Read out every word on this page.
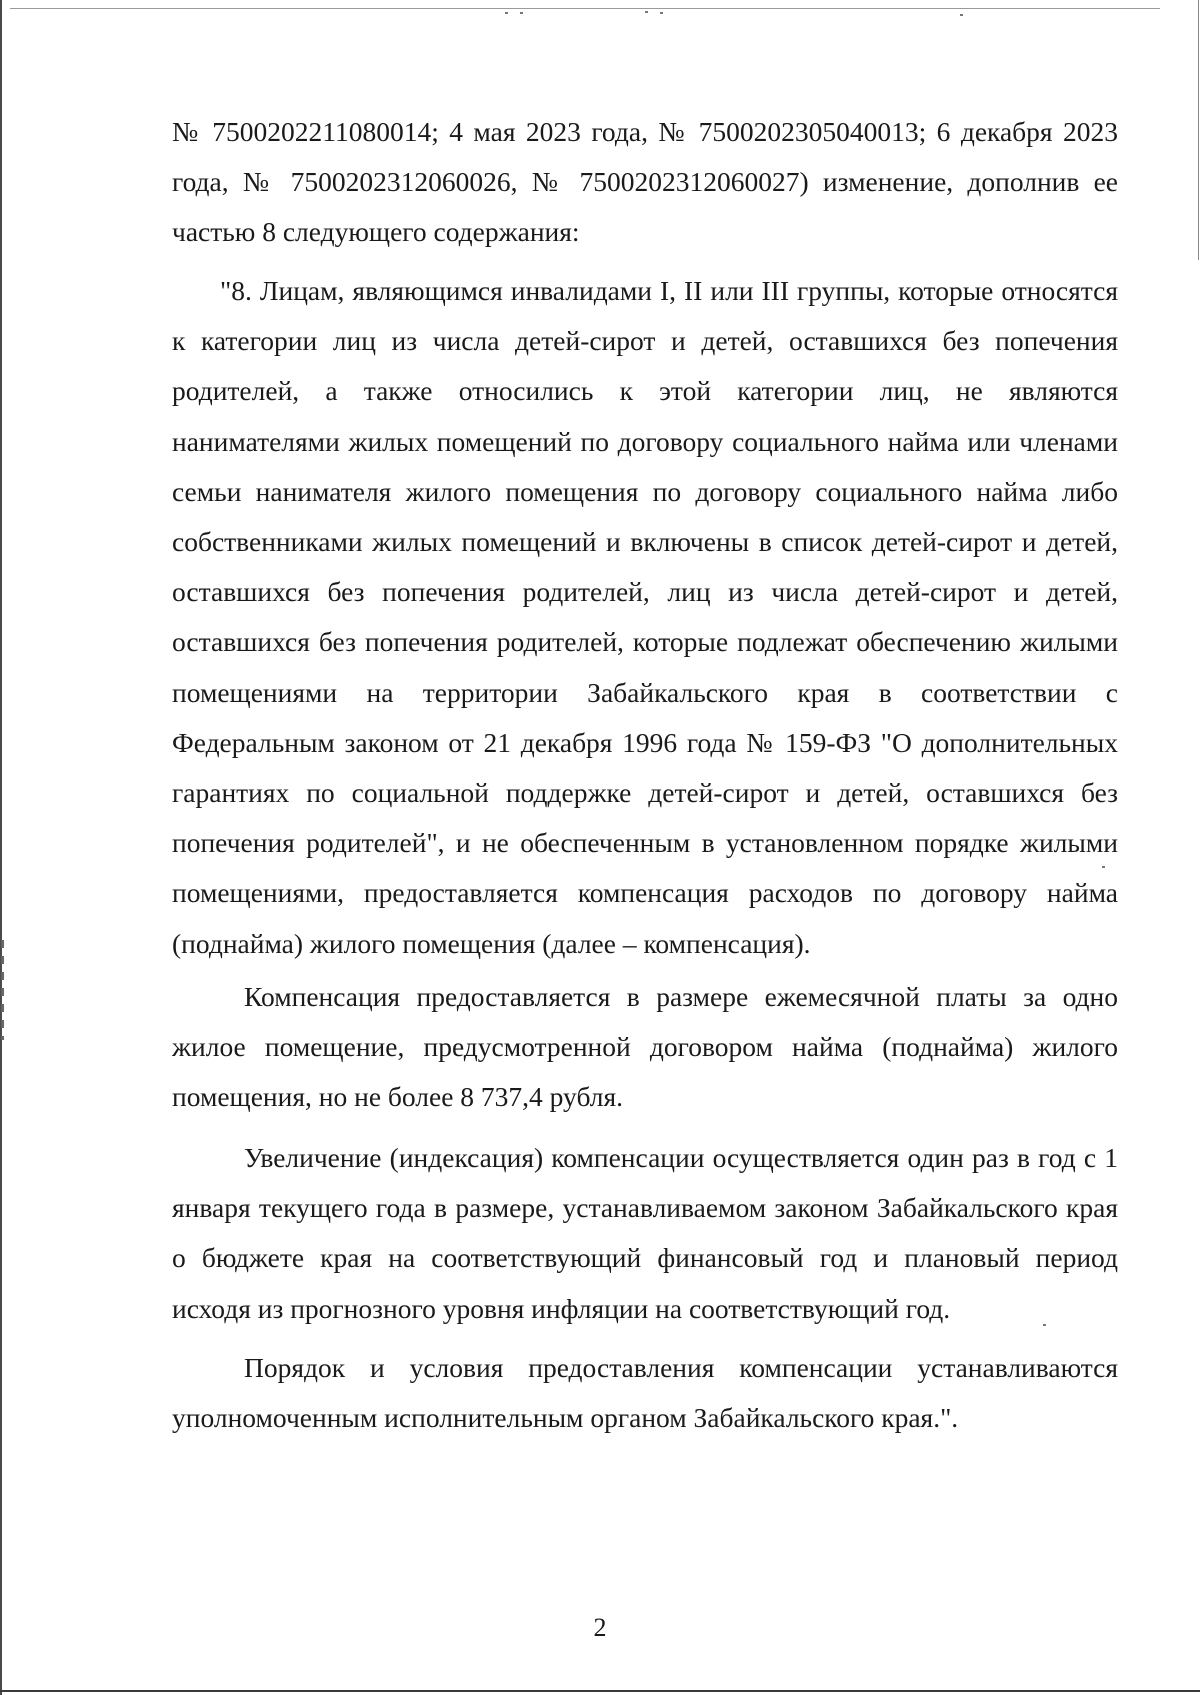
№ 7500202211080014; 4 мая 2023 года, № 7500202305040013; 6 декабря 2023 года, № 7500202312060026, № 7500202312060027) изменение, дополнив ее частью 8 следующего содержания:

"8. Лицам, являющимся инвалидами I, II или III группы, которые относятся к категории лиц из числа детей-сирот и детей, оставшихся без попечения родителей, а также относились к этой категории лиц, не являются нанимателями жилых помещений по договору социального найма или членами семьи нанимателя жилого помещения по договору социального найма либо собственниками жилых помещений и включены в список детей-сирот и детей, оставшихся без попечения родителей, лиц из числа детей-сирот и детей, оставшихся без попечения родителей, которые подлежат обеспечению жилыми помещениями на территории Забайкальского края в соответствии с Федеральным законом от 21 декабря 1996 года № 159-ФЗ "О дополнительных гарантиях по социальной поддержке детей-сирот и детей, оставшихся без попечения родителей", и не обеспеченным в установленном порядке жилыми помещениями, предоставляется компенсация расходов по договору найма (поднайма) жилого помещения (далее – компенсация).

Компенсация предоставляется в размере ежемесячной платы за одно жилое помещение, предусмотренной договором найма (поднайма) жилого помещения, но не более 8 737,4 рубля.

Увеличение (индексация) компенсации осуществляется один раз в год с 1 января текущего года в размере, устанавливаемом законом Забайкальского края о бюджете края на соответствующий финансовый год и плановый период исходя из прогнозного уровня инфляции на соответствующий год.

Порядок и условия предоставления компенсации устанавливаются уполномоченным исполнительным органом Забайкальского края.".

2
